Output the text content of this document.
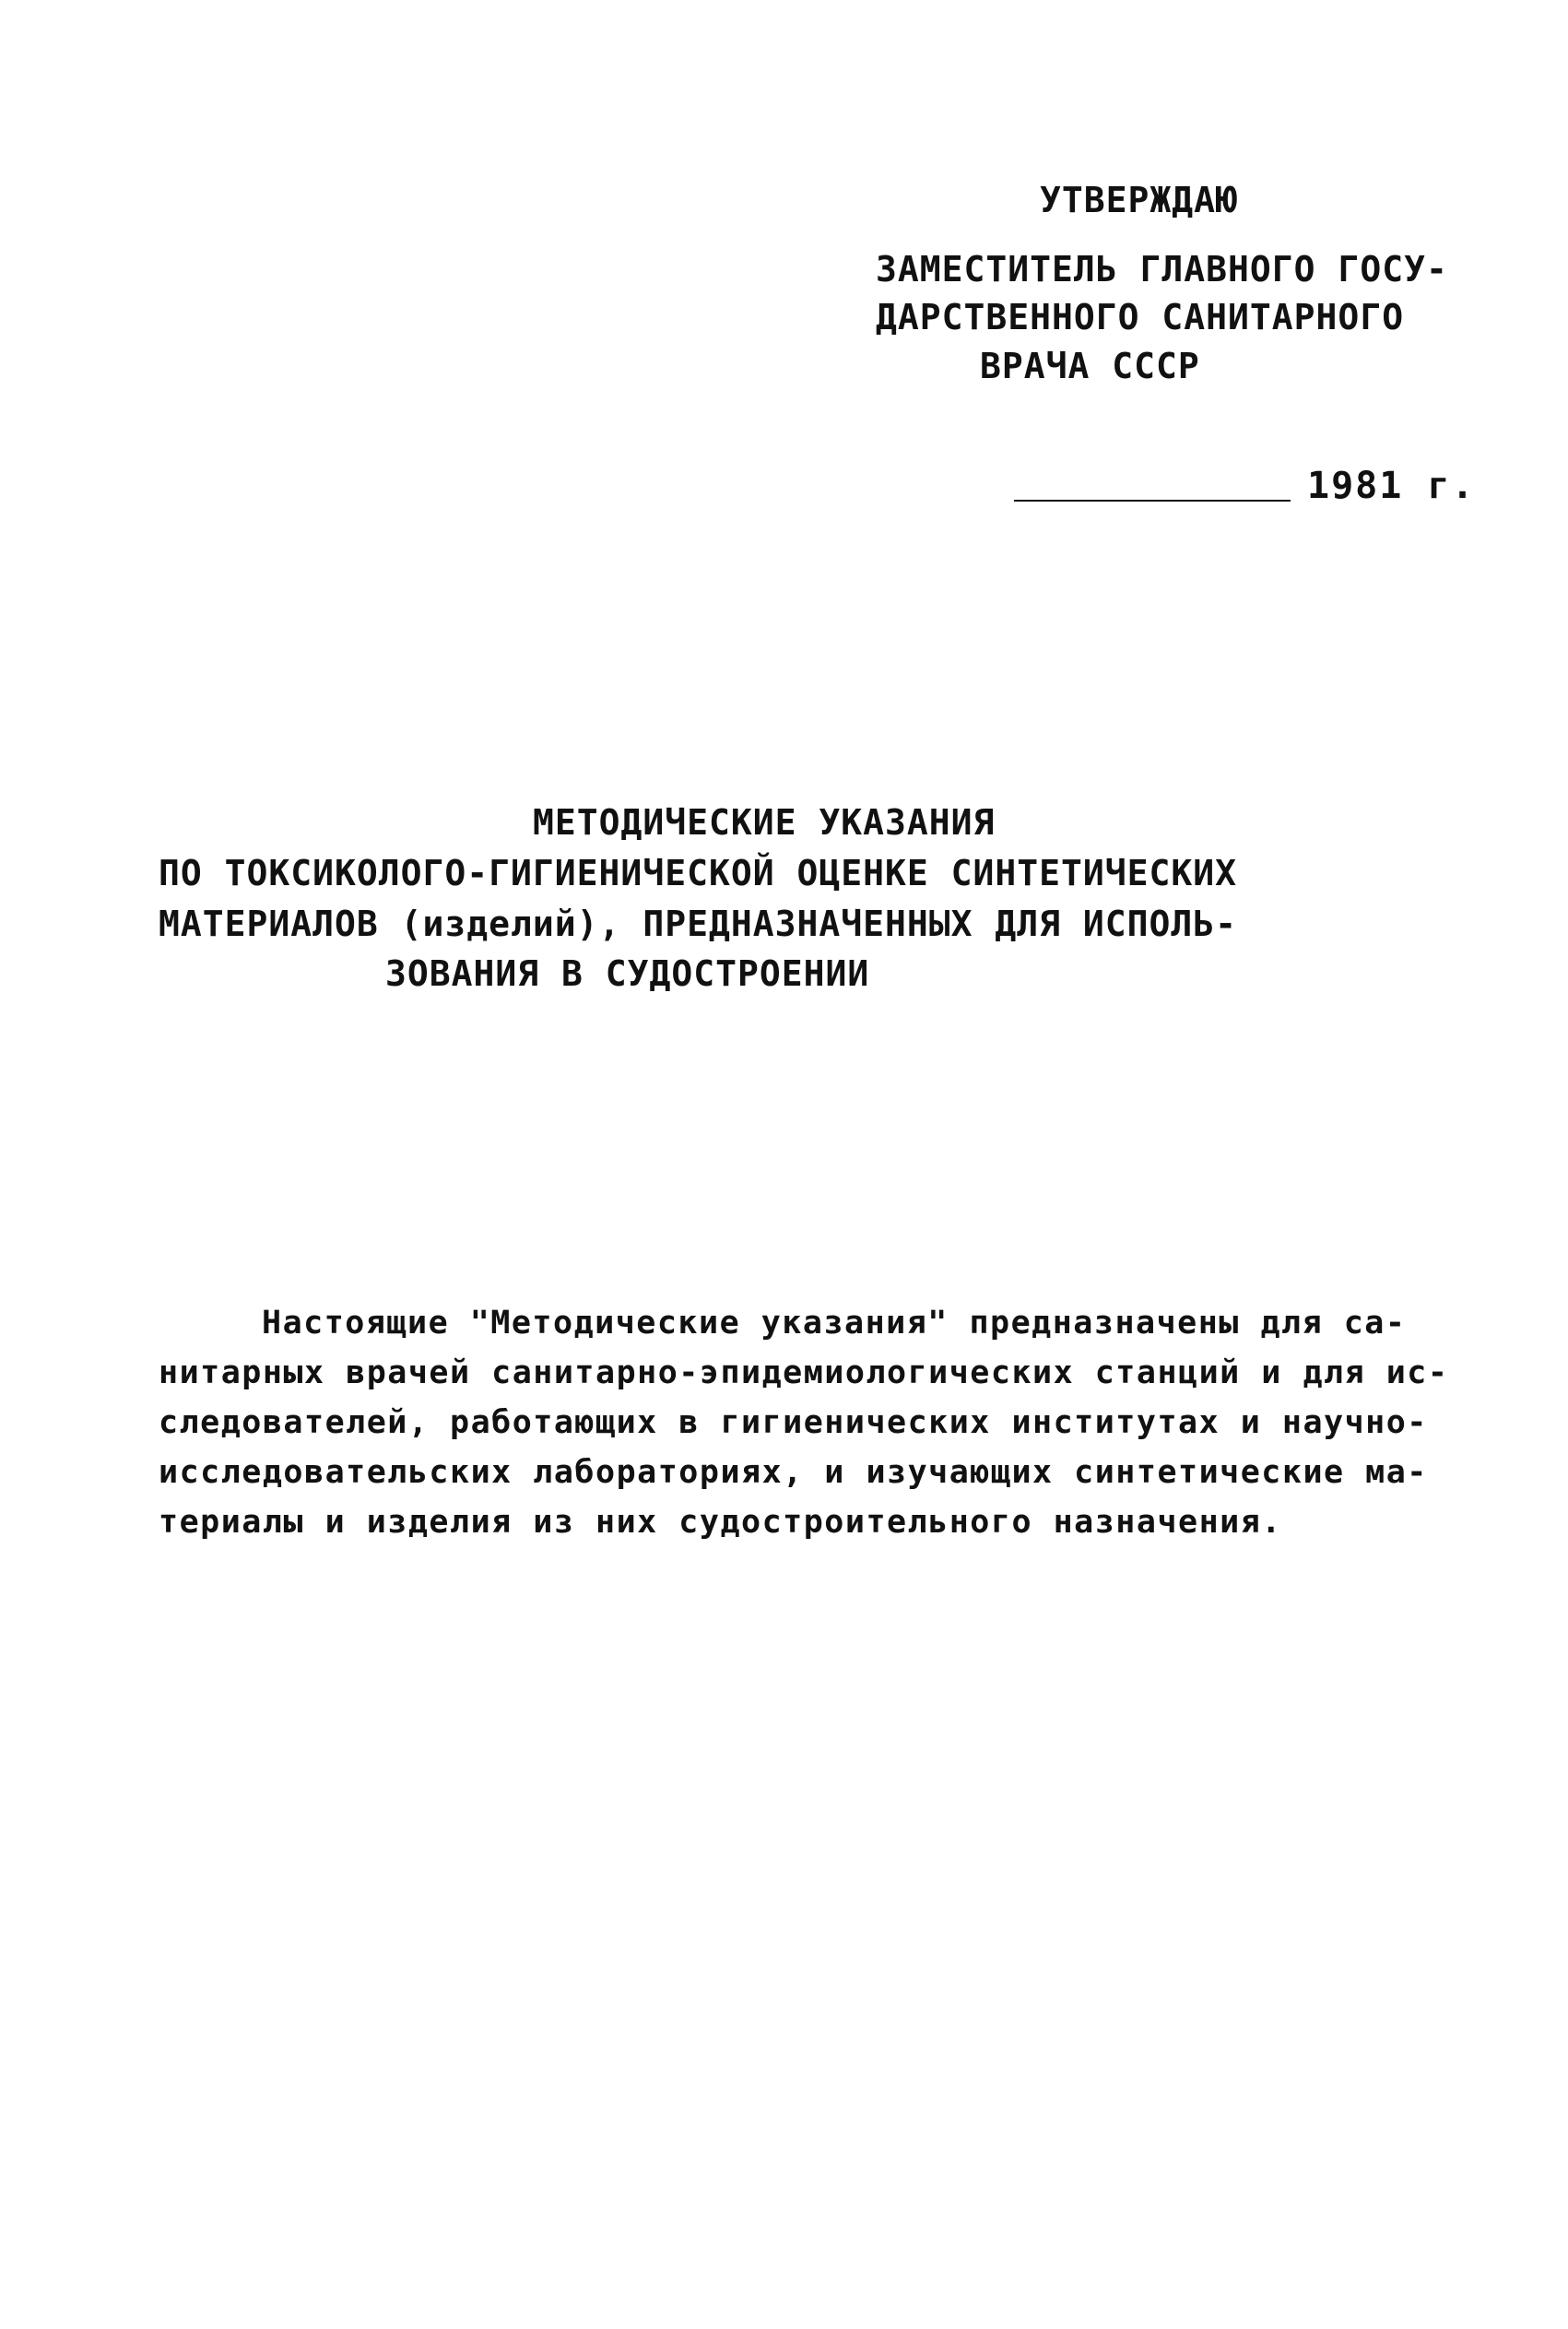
УТВЕРЖДАЮ
ЗАМЕСТИТЕЛЬ ГЛАВНОГО ГОСУ-
ДАРСТВЕННОГО САНИТАРНОГО
ВРАЧА СССР
1981 г.
МЕТОДИЧЕСКИЕ УКАЗАНИЯ
ПО ТОКСИКОЛОГО-ГИГИЕНИЧЕСКОЙ ОЦЕНКЕ СИНТЕТИЧЕСКИХ
МАТЕРИАЛОВ (изделий), ПРЕДНАЗНАЧЕННЫХ ДЛЯ ИСПОЛЬ-
ЗОВАНИЯ В СУДОСТРОЕНИИ
Настоящие "Методические указания" предназначены для са-
нитарных врачей санитарно-эпидемиологических станций и для ис-
следователей, работающих в гигиенических институтах и научно-
исследовательских лабораториях, и изучающих синтетические ма-
териалы и изделия из них судостроительного назначения.
